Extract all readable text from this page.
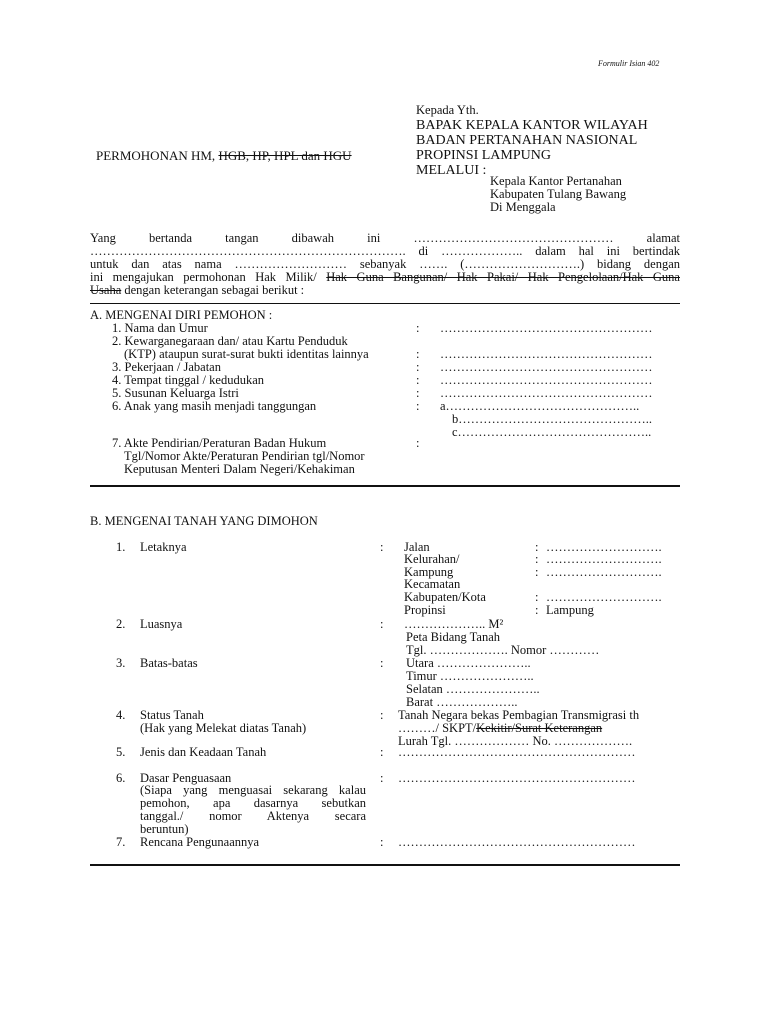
Formulir Isian 402
Kepada Yth.
BAPAK KEPALA KANTOR WILAYAH
BADAN PERTANAHAN NASIONAL
PROPINSI LAMPUNG
MELALUI :
Kepala Kantor Pertanahan
Kabupaten Tulang Bawang
Di Menggala
PERMOHONAN HM, HGB, HP, HPL dan HGU
Yang bertanda tangan dibawah ini ………………………………………… alamat
…………………………………………………………………. di ……………….. dalam hal ini bertindak
untuk dan atas nama ……………………… sebanyak ……. (……………………….) bidang dengan
ini mengajukan permohonan Hak Milik/ Hak Guna Bangunan/ Hak Pakai/ Hak Pengelolaan/Hak Guna
Usaha dengan keterangan sebagai berikut :
A. MENGENAI DIRI PEMOHON :
1. Nama dan Umur	: ……………………………………………
2. Kewarganegaraan dan/ atau Kartu Penduduk
(KTP) ataupun surat-surat bukti identitas lainnya	: ……………………………………………
3. Pekerjaan / Jabatan	: ……………………………………………
4. Tempat tinggal / kedudukan	: ……………………………………………
5. Susunan Keluarga Istri	: ……………………………………………
6. Anak yang masih menjadi tanggungan	: a………………………………………..
b………………………………………..
c………………………………………..
7. Akte Pendirian/Peraturan Badan Hukum	:
Tgl/Nomor Akte/Peraturan Pendirian tgl/Nomor
Keputusan Menteri Dalam Negeri/Kehakiman
B. MENGENAI TANAH YANG DIMOHON
1. Letaknya	: Jalan	: ……………………….
Kelurahan/	: ……………………….
Kampung	: ……………………….
Kecamatan
Kabupaten/Kota	: ……………………….
Propinsi	: Lampung
2. Luasnya	: ……………….. M²
Peta Bidang Tanah
Tgl. ………………. Nomor …………
3. Batas-batas	: Utara …………………..
Timur …………………..
Selatan …………………..
Barat ………………..
4. Status Tanah
(Hak yang Melekat diatas Tanah)
: Tanah Negara bekas Pembagian Transmigrasi th
………/ SKPT/Kekitir/Surat Keterangan
Lurah Tgl. ……………… No. ……………….
5. Jenis dan Keadaan Tanah	: …………………………………………………
6. Dasar Penguasaan	: …………………………………………………
(Siapa yang menguasai sekarang kalau
pemohon, apa dasarnya sebutkan
tanggal./ nomor Aktenya secara
beruntun)
7. Rencana Pengunaannya	: …………………………………………………
